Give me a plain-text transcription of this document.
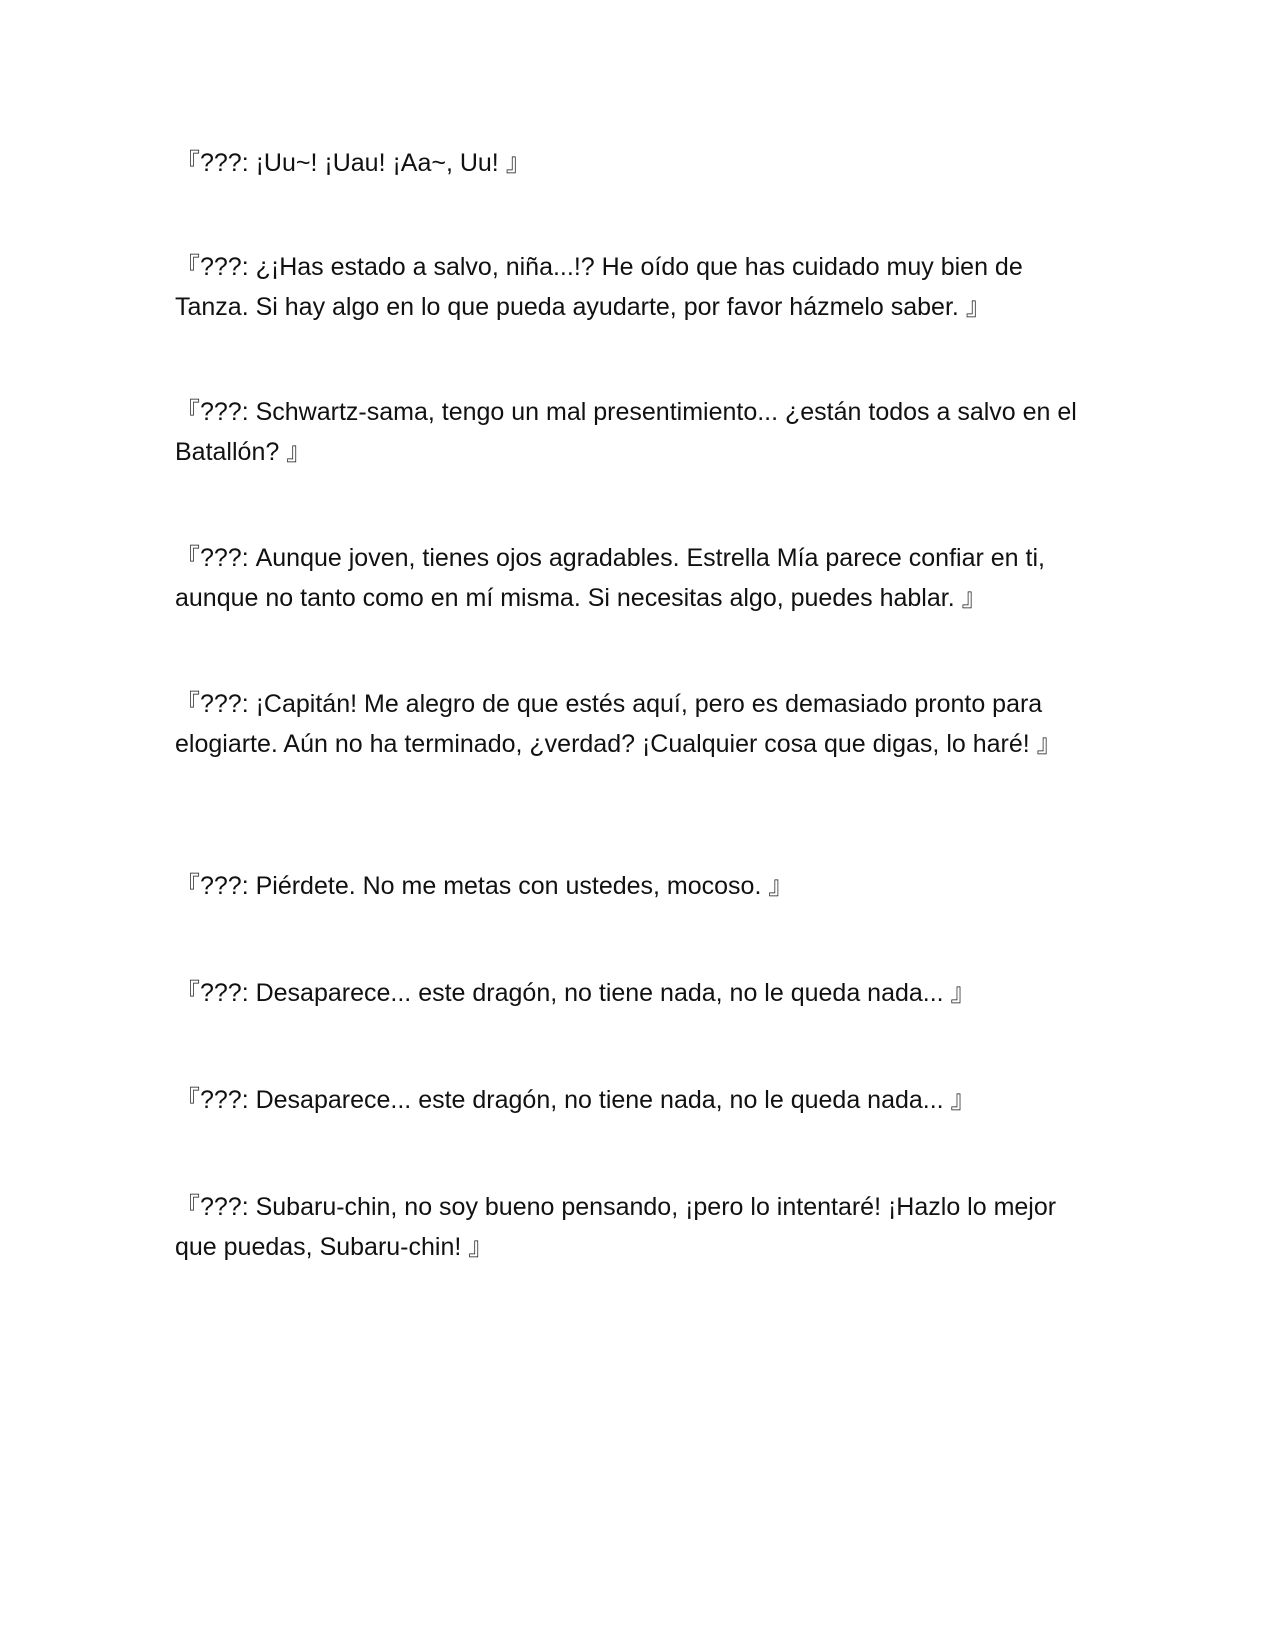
『???: ¡Uu~! ¡Uau! ¡Aa~, Uu! 』

『???: ¿¡Has estado a salvo, niña...!? He oído que has cuidado muy bien de Tanza. Si hay algo en lo que pueda ayudarte, por favor házmelo saber. 』

『???: Schwartz-sama, tengo un mal presentimiento... ¿están todos a salvo en el Batallón? 』

『???: Aunque joven, tienes ojos agradables. Estrella Mía parece confiar en ti, aunque no tanto como en mí misma. Si necesitas algo, puedes hablar. 』

『???: ¡Capitán! Me alegro de que estés aquí, pero es demasiado pronto para elogiarte. Aún no ha terminado, ¿verdad? ¡Cualquier cosa que digas, lo haré! 』

『???: Piérdete. No me metas con ustedes, mocoso. 』

『???: Desaparece... este dragón, no tiene nada, no le queda nada... 』

『???: Desaparece... este dragón, no tiene nada, no le queda nada... 』

『???: Subaru-chin, no soy bueno pensando, ¡pero lo intentaré! ¡Hazlo lo mejor que puedas, Subaru-chin! 』
